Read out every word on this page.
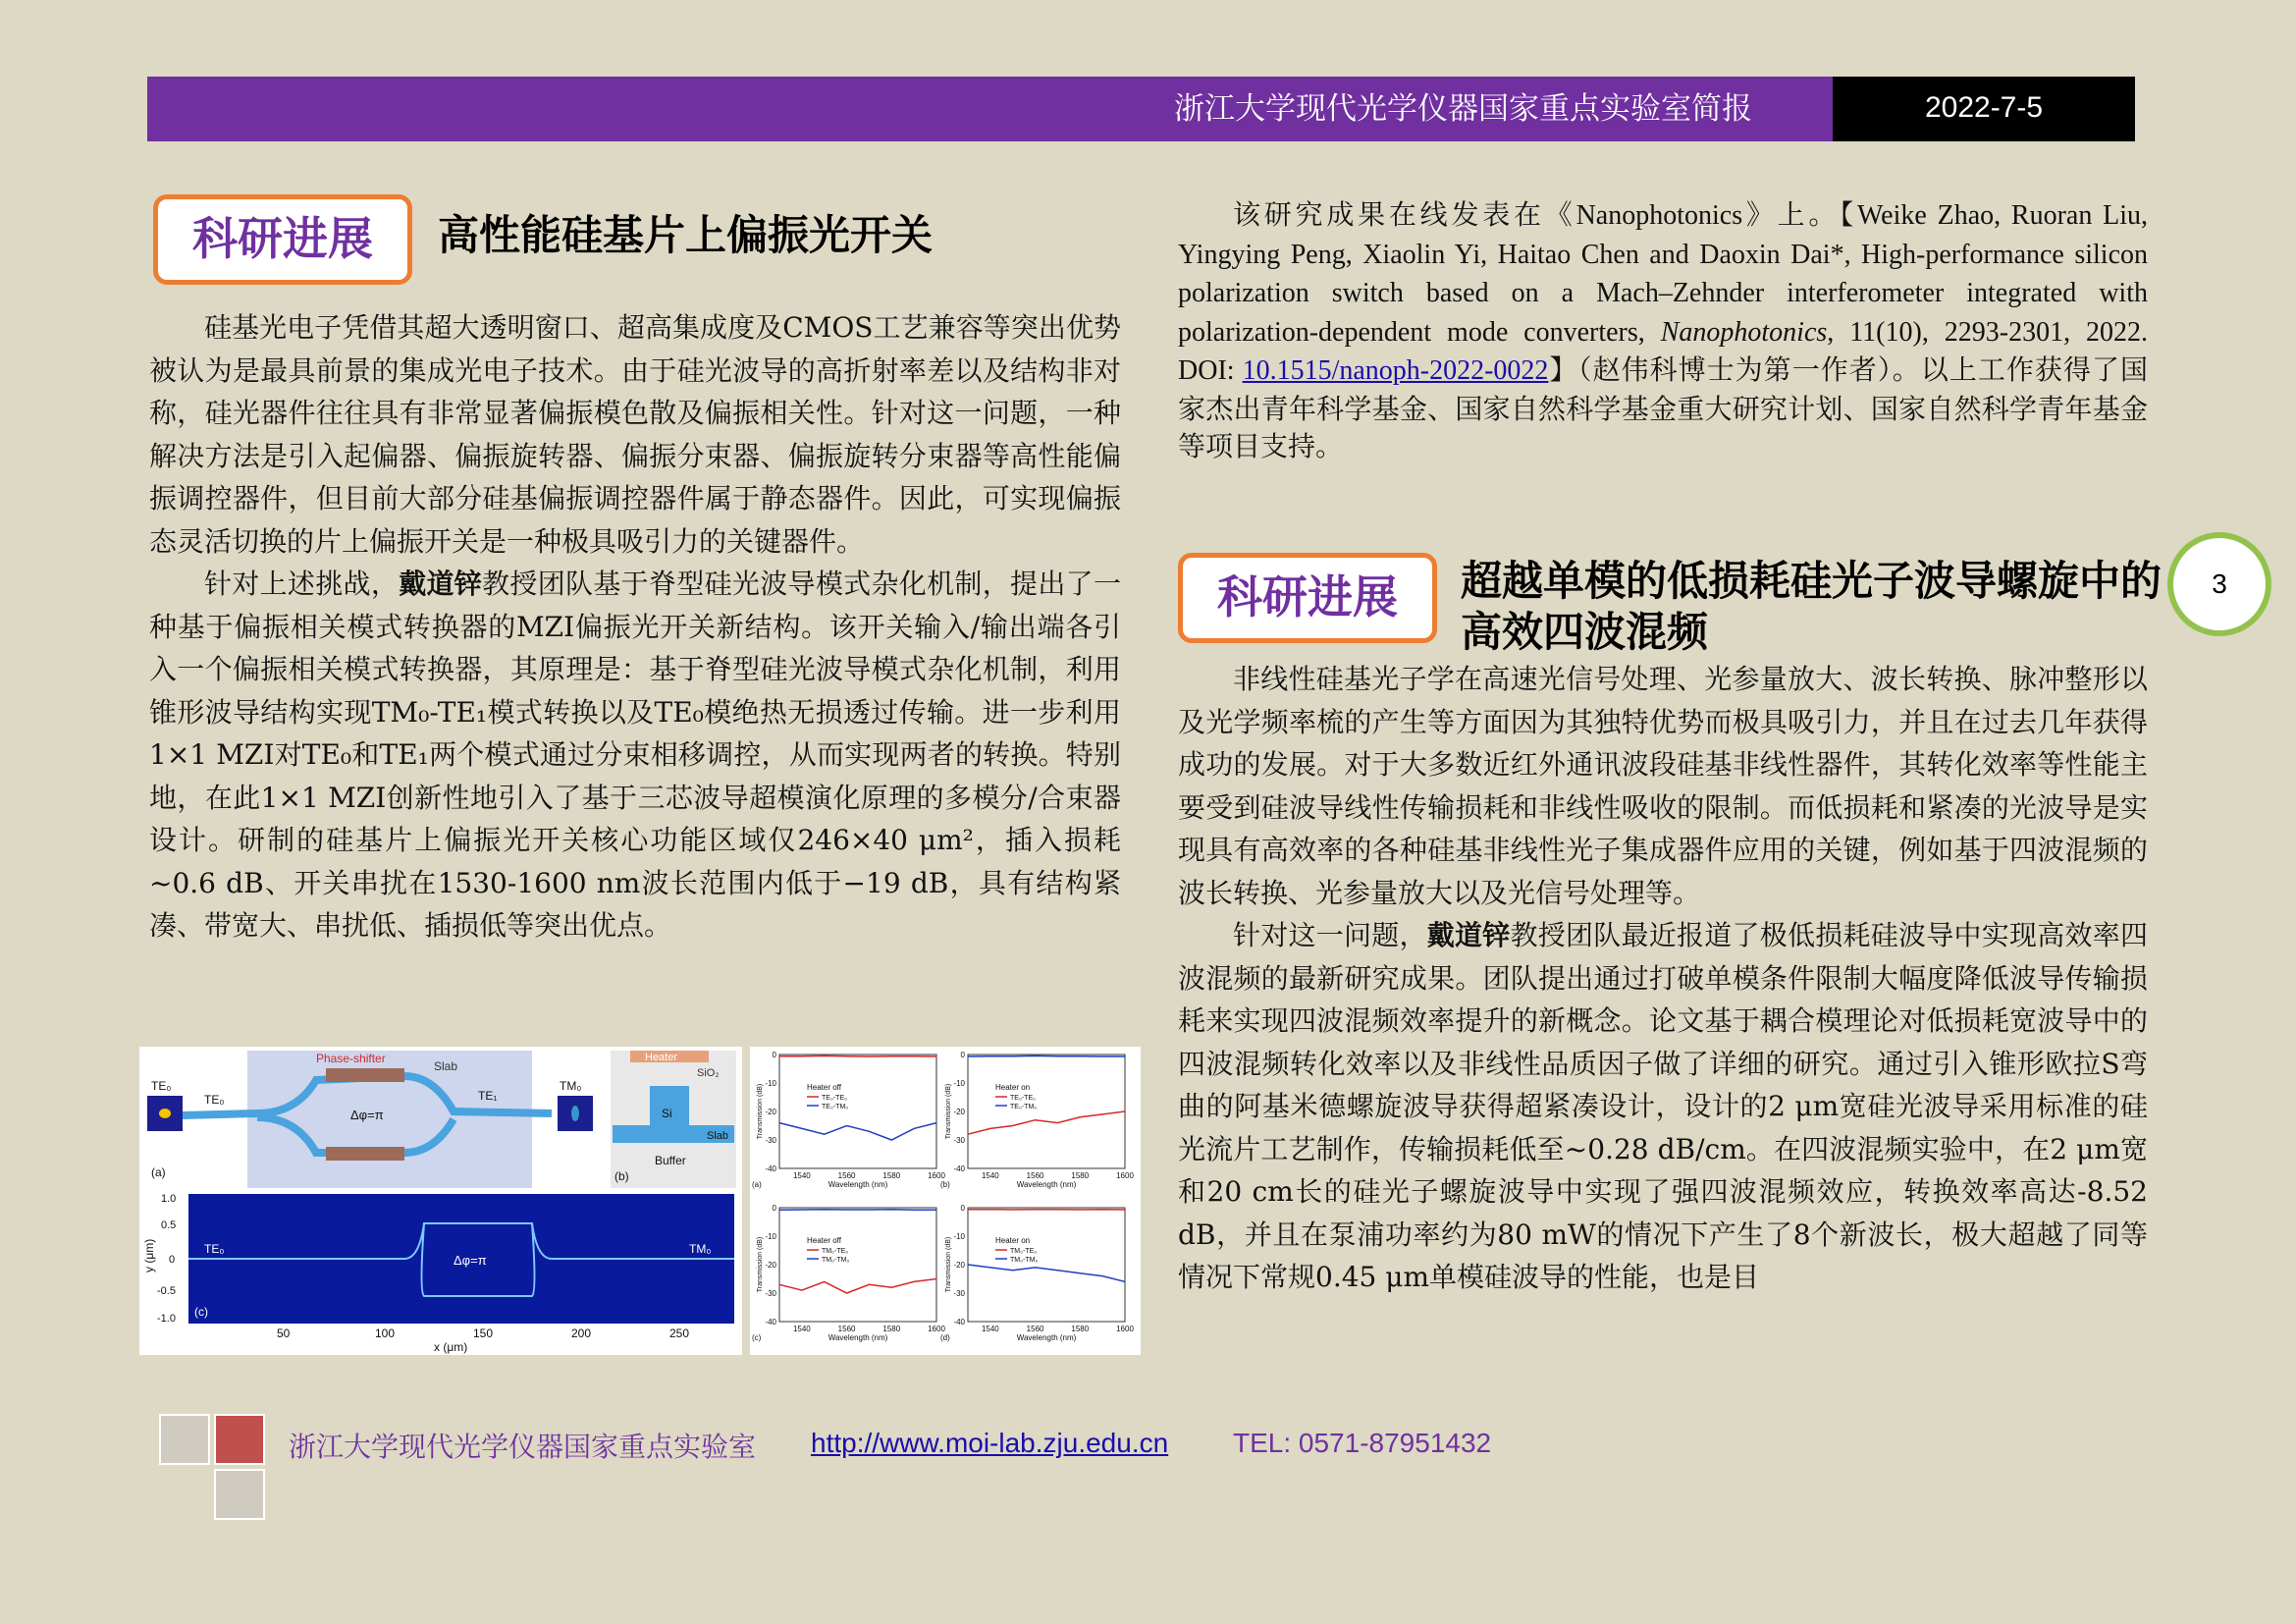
浙江大学现代光学仪器国家重点实验室简报	2022-7-5
科研进展	高性能硅基片上偏振光开关

硅基光电子凭借其超大透明窗口、超高集成度及CMOS工艺兼容等突出优势被认为是最具前景的集成光电子技术。由于硅光波导的高折射率差以及结构非对称，硅光器件往往具有非常显著偏振模色散及偏振相关性。针对这一问题，一种解决方法是引入起偏器、偏振旋转器、偏振分束器、偏振旋转分束器等高性能偏振调控器件，但目前大部分硅基偏振调控器件属于静态器件。因此，可实现偏振态灵活切换的片上偏振开关是一种极具吸引力的关键器件。

针对上述挑战，戴道锌教授团队基于脊型硅光波导模式杂化机制，提出了一种基于偏振相关模式转换器的MZI偏振光开关新结构。该开关输入/输出端各引入一个偏振相关模式转换器，其原理是：基于脊型硅光波导模式杂化机制，利用锥形波导结构实现TM₀-TE₁模式转换以及TE₀模绝热无损透过传输。进一步利用1×1 MZI对TE₀和TE₁两个模式通过分束相移调控，从而实现两者的转换。特别地，在此1×1 MZI创新性地引入了基于三芯波导超模演化原理的多模分/合束器设计。研制的硅基片上偏振光开关核心功能区域仅246×40 μm²，插入损耗~0.6 dB、开关串扰在1530-1600 nm波长范围内低于−19 dB，具有结构紧凑、带宽大、串扰低、插损低等突出优点。

Phase-shifter
Slab
Δφ=π
TE₀
TE₀	TE₁
TM₀
(a)
Heater
SiO₂
Si
Slab
Buffer
(b)
TE₀	TM₀
Δφ=π
(c)
y (μm)
1.0
0.5
0
-0.5
-1.0
50	100	150	200	250
x (μm)
0
-10
-20
-30
-40
1540	1560	1580	1600
Wavelength (nm)
Transmission (dB)
(a)
Heater off
TE₀-TE₀
TE₀-TM₀
0
-10
-20
-30
-40
1540	1560	1580	1600
Wavelength (nm)
Transmission (dB)
(b)
Heater on
TE₀-TE₀
TE₀-TM₀
0
-10
-20
-30
-40
1540	1560	1580	1600
Wavelength (nm)
Transmission (dB)
(c)
Heater off
TM₀-TE₀
TM₀-TM₀
0
-10
-20
-30
-40
1540	1560	1580	1600
Wavelength (nm)
Transmission (dB)
(d)
Heater on
TM₀-TE₀
TM₀-TM₀

该研究成果在线发表在《Nanophotonics》上。【Weike Zhao, Ruoran Liu, Yingying Peng, Xiaolin Yi, Haitao Chen and Daoxin Dai*, High-performance silicon polarization switch based on a Mach–Zehnder interferometer integrated with polarization-dependent mode converters, Nanophotonics, 11(10), 2293-2301, 2022. DOI: 10.1515/nanoph-2022-0022】（赵伟科博士为第一作者）。以上工作获得了国家杰出青年科学基金、国家自然科学基金重大研究计划、国家自然科学青年基金等项目支持。

3
科研进展	超越单模的低损耗硅光子波导螺旋中的高效四波混频

非线性硅基光子学在高速光信号处理、光参量放大、波长转换、脉冲整形以及光学频率梳的产生等方面因为其独特优势而极具吸引力，并且在过去几年获得成功的发展。对于大多数近红外通讯波段硅基非线性器件，其转化效率等性能主要受到硅波导线性传输损耗和非线性吸收的限制。而低损耗和紧凑的光波导是实现具有高效率的各种硅基非线性光子集成器件应用的关键，例如基于四波混频的波长转换、光参量放大以及光信号处理等。

针对这一问题，戴道锌教授团队最近报道了极低损耗硅波导中实现高效率四波混频的最新研究成果。团队提出通过打破单模条件限制大幅度降低波导传输损耗来实现四波混频效率提升的新概念。论文基于耦合模理论对低损耗宽波导中的四波混频转化效率以及非线性品质因子做了详细的研究。通过引入锥形欧拉S弯曲的阿基米德螺旋波导获得超紧凑设计，设计的2 μm宽硅光波导采用标准的硅光流片工艺制作，传输损耗低至~0.28 dB/cm。在四波混频实验中，在2 μm宽和20 cm长的硅光子螺旋波导中实现了强四波混频效应，转换效率高达-8.52 dB，并且在泵浦功率约为80 mW的情况下产生了8个新波长，极大超越了同等情况下常规0.45 μm单模硅波导的性能，也是目

浙江大学现代光学仪器国家重点实验室 http://www.moi-lab.zju.edu.cn TEL: 0571-87951432
